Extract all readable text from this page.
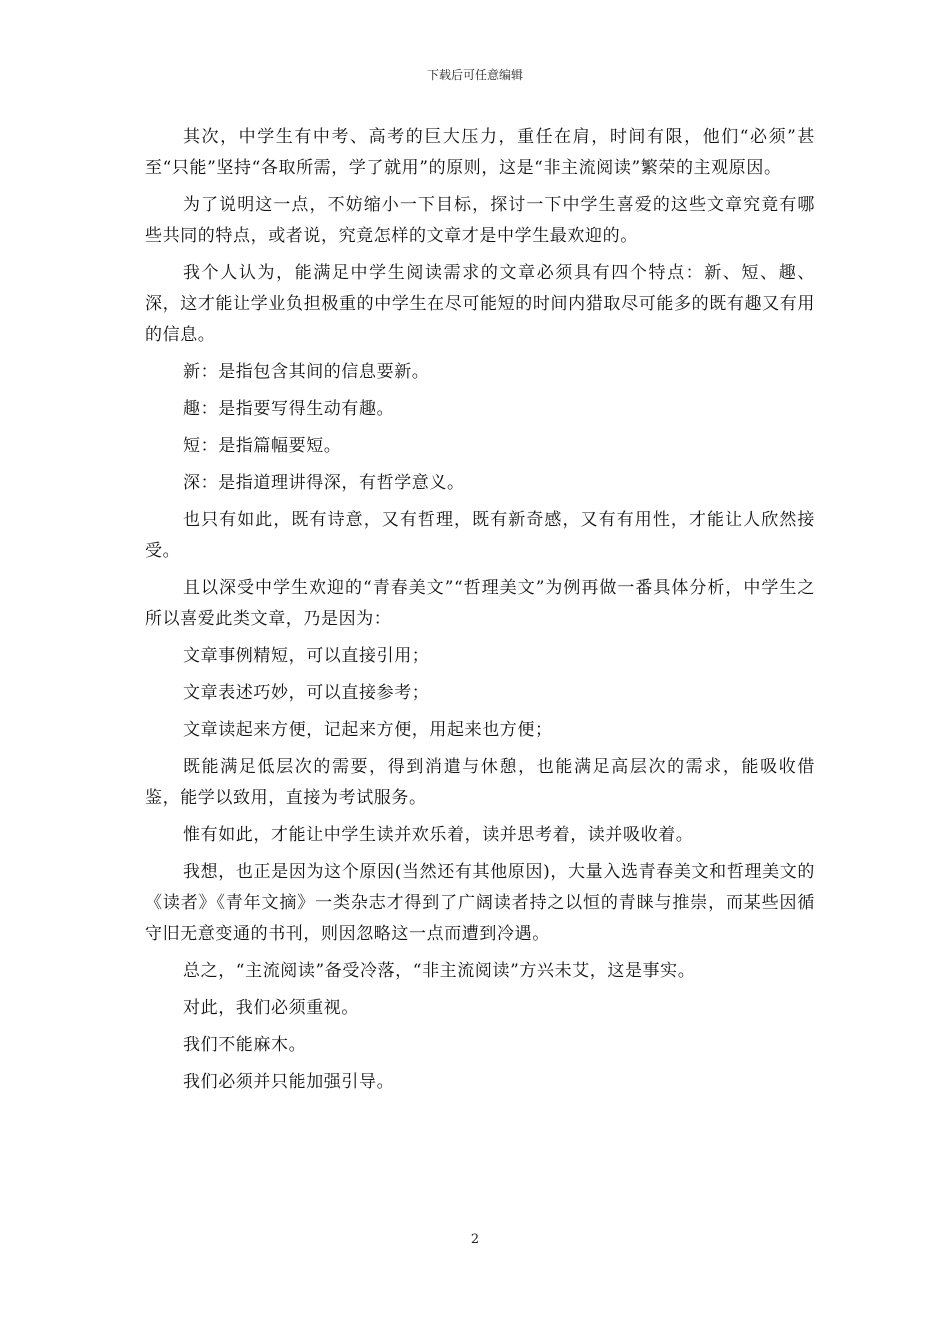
下载后可任意编辑

其次，中学生有中考、高考的巨大压力，重任在肩，时间有限，他们“必须”甚至“只能”坚持“各取所需，学了就用”的原则，这是“非主流阅读”繁荣的主观原因。

为了说明这一点，不妨缩小一下目标，探讨一下中学生喜爱的这些文章究竟有哪些共同的特点，或者说，究竟怎样的文章才是中学生最欢迎的。

我个人认为，能满足中学生阅读需求的文章必须具有四个特点：新、短、趣、深，这才能让学业负担极重的中学生在尽可能短的时间内猎取尽可能多的既有趣又有用的信息。

新：是指包含其间的信息要新。

趣：是指要写得生动有趣。

短：是指篇幅要短。

深：是指道理讲得深，有哲学意义。

也只有如此，既有诗意，又有哲理，既有新奇感，又有有用性，才能让人欣然接受。

且以深受中学生欢迎的“青春美文”“哲理美文”为例再做一番具体分析，中学生之所以喜爱此类文章，乃是因为：

文章事例精短，可以直接引用；

文章表述巧妙，可以直接参考；

文章读起来方便，记起来方便，用起来也方便；

既能满足低层次的需要，得到消遣与休憩，也能满足高层次的需求，能吸收借鉴，能学以致用，直接为考试服务。

惟有如此，才能让中学生读并欢乐着，读并思考着，读并吸收着。

我想，也正是因为这个原因(当然还有其他原因)，大量入选青春美文和哲理美文的《读者》《青年文摘》一类杂志才得到了广阔读者持之以恒的青睐与推崇，而某些因循守旧无意变通的书刊，则因忽略这一点而遭到冷遇。

总之，“主流阅读”备受冷落，“非主流阅读”方兴未艾，这是事实。

对此，我们必须重视。

我们不能麻木。

我们必须并只能加强引导。

2
